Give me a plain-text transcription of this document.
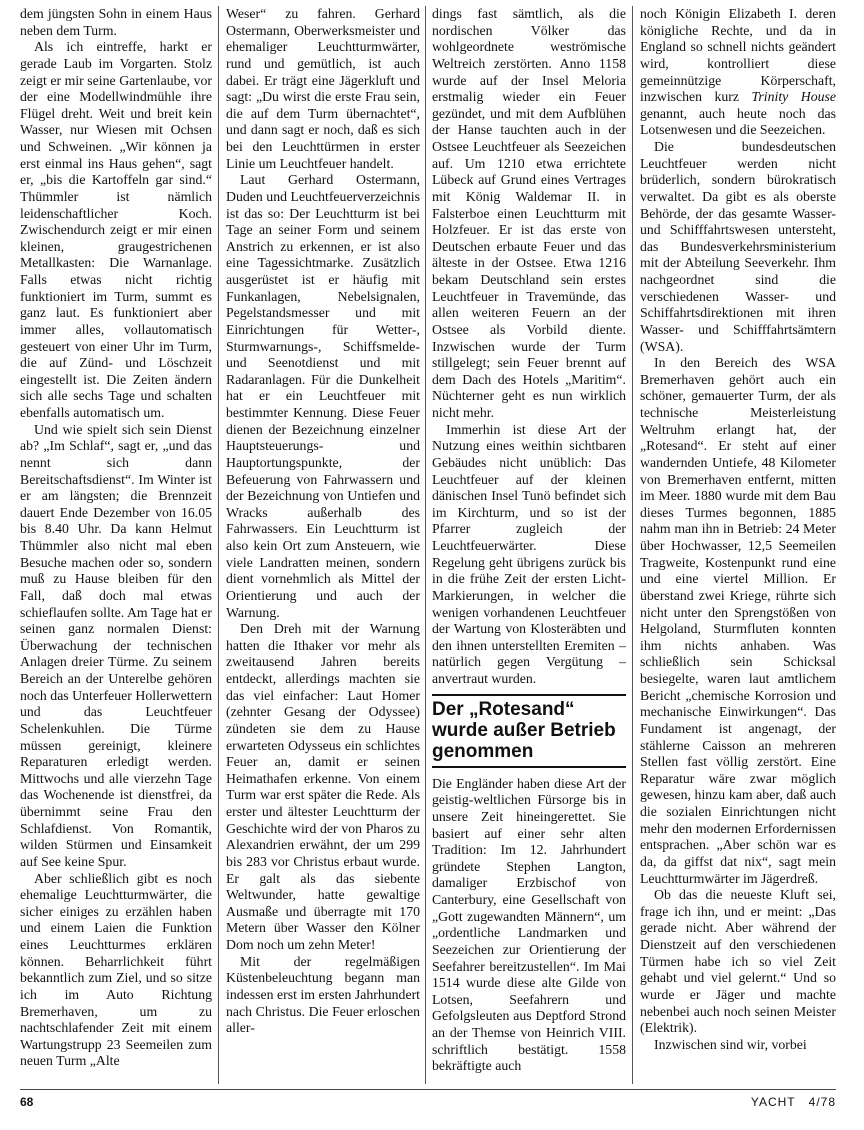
dem jüngsten Sohn in einem Haus neben dem Turm.

Als ich eintreffe, harkt er gerade Laub im Vorgarten. Stolz zeigt er mir seine Gartenlaube, vor der eine Modellwindmühle ihre Flügel dreht. Weit und breit kein Wasser, nur Wiesen mit Ochsen und Schweinen. „Wir können ja erst einmal ins Haus gehen“, sagt er, „bis die Kartoffeln gar sind.“ Thümmler ist nämlich leidenschaftlicher Koch. Zwischendurch zeigt er mir einen kleinen, graugestrichenen Metallkasten: Die Warnanlage. Falls etwas nicht richtig funktioniert im Turm, summt es ganz laut. Es funktioniert aber immer alles, vollautomatisch gesteuert von einer Uhr im Turm, die auf Zünd- und Löschzeit eingestellt ist. Die Zeiten ändern sich alle sechs Tage und schalten ebenfalls automatisch um.

Und wie spielt sich sein Dienst ab? „Im Schlaf“, sagt er, „und das nennt sich dann Bereitschaftsdienst“. Im Winter ist er am längsten; die Brennzeit dauert Ende Dezember von 16.05 bis 8.40 Uhr. Da kann Helmut Thümmler also nicht mal eben Besuche machen oder so, sondern muß zu Hause bleiben für den Fall, daß doch mal etwas schieflaufen sollte. Am Tage hat er seinen ganz normalen Dienst: Überwachung der technischen Anlagen dreier Türme. Zu seinem Bereich an der Unterelbe gehören noch das Unterfeuer Hollerwettern und das Leuchtfeuer Schelenkuhlen. Die Türme müssen gereinigt, kleinere Reparaturen erledigt werden. Mittwochs und alle vierzehn Tage das Wochenende ist dienstfrei, da übernimmt seine Frau den Schlafdienst. Von Romantik, wilden Stürmen und Einsamkeit auf See keine Spur.

Aber schließlich gibt es noch ehemalige Leuchtturmwärter, die sicher einiges zu erzählen haben und einem Laien die Funktion eines Leuchtturmes erklären können. Beharrlichkeit führt bekanntlich zum Ziel, und so sitze ich im Auto Richtung Bremerhaven, um zu nachtschlafender Zeit mit einem Wartungstrupp 23 Seemeilen zum neuen Turm „Alte

Weser“ zu fahren. Gerhard Ostermann, Oberwerksmeister und ehemaliger Leuchtturmwärter, rund und gemütlich, ist auch dabei. Er trägt eine Jägerkluft und sagt: „Du wirst die erste Frau sein, die auf dem Turm übernachtet“, und dann sagt er noch, daß es sich bei den Leuchttürmen in erster Linie um Leuchtfeuer handelt.

Laut Gerhard Ostermann, Duden und Leuchtfeuerverzeichnis ist das so: Der Leuchtturm ist bei Tage an seiner Form und seinem Anstrich zu erkennen, er ist also eine Tagessichtmarke. Zusätzlich ausgerüstet ist er häufig mit Funkanlagen, Nebelsignalen, Pegelstandsmesser und mit Einrichtungen für Wetter-, Sturmwarnungs-, Schiffsmelde- und Seenotdienst und mit Radaranlagen. Für die Dunkelheit hat er ein Leuchtfeuer mit bestimmter Kennung. Diese Feuer dienen der Bezeichnung einzelner Hauptsteuerungs- und Hauptortungspunkte, der Befeuerung von Fahrwassern und der Bezeichnung von Untiefen und Wracks außerhalb des Fahrwassers. Ein Leuchtturm ist also kein Ort zum Ansteuern, wie viele Landratten meinen, sondern dient vornehmlich als Mittel der Orientierung und auch der Warnung.

Den Dreh mit der Warnung hatten die Ithaker vor mehr als zweitausend Jahren bereits entdeckt, allerdings machten sie das viel einfacher: Laut Homer (zehnter Gesang der Odyssee) zündeten sie dem zu Hause erwarteten Odysseus ein schlichtes Feuer an, damit er seinen Heimathafen erkenne. Von einem Turm war erst später die Rede. Als erster und ältester Leuchtturm der Geschichte wird der von Pharos zu Alexandrien erwähnt, der um 299 bis 283 vor Christus erbaut wurde. Er galt als das siebente Weltwunder, hatte gewaltige Ausmaße und überragte mit 170 Metern über Wasser den Kölner Dom noch um zehn Meter!

Mit der regelmäßigen Küstenbeleuchtung begann man indessen erst im ersten Jahrhundert nach Christus. Die Feuer erloschen aller-

dings fast sämtlich, als die nordischen Völker das wohlgeordnete weströmische Weltreich zerstörten. Anno 1158 wurde auf der Insel Meloria erstmalig wieder ein Feuer gezündet, und mit dem Aufblühen der Hanse tauchten auch in der Ostsee Leuchtfeuer als Seezeichen auf. Um 1210 etwa errichtete Lübeck auf Grund eines Vertrages mit König Waldemar II. in Falsterboe einen Leuchtturm mit Holzfeuer. Er ist das erste von Deutschen erbaute Feuer und das älteste in der Ostsee. Etwa 1216 bekam Deutschland sein erstes Leuchtfeuer in Travemünde, das allen weiteren Feuern an der Ostsee als Vorbild diente. Inzwischen wurde der Turm stillgelegt; sein Feuer brennt auf dem Dach des Hotels „Maritim“. Nüchterner geht es nun wirklich nicht mehr.

Immerhin ist diese Art der Nutzung eines weithin sichtbaren Gebäudes nicht unüblich: Das Leuchtfeuer auf der kleinen dänischen Insel Tunö befindet sich im Kirchturm, und so ist der Pfarrer zugleich der Leuchtfeuerwärter. Diese Regelung geht übrigens zurück bis in die frühe Zeit der ersten Licht-Markierungen, in welcher die wenigen vorhandenen Leuchtfeuer der Wartung von Klosteräbten und den ihnen unterstellten Eremiten – natürlich gegen Vergütung – anvertraut wurden.

Der „Rotesand“ wurde außer Betrieb genommen

Die Engländer haben diese Art der geistig-weltlichen Fürsorge bis in unsere Zeit hineingerettet. Sie basiert auf einer sehr alten Tradition: Im 12. Jahrhundert gründete Stephen Langton, damaliger Erzbischof von Canterbury, eine Gesellschaft von „Gott zugewandten Männern“, um „ordentliche Landmarken und Seezeichen zur Orientierung der Seefahrer bereitzustellen“. Im Mai 1514 wurde diese alte Gilde von Lotsen, Seefahrern und Gefolgsleuten aus Deptford Strond an der Themse von Heinrich VIII. schriftlich bestätigt. 1558 bekräftigte auch

noch Königin Elizabeth I. deren königliche Rechte, und da in England so schnell nichts geändert wird, kontrolliert diese gemeinnützige Körperschaft, inzwischen kurz Trinity House genannt, auch heute noch das Lotsenwesen und die Seezeichen.

Die bundesdeutschen Leuchtfeuer werden nicht brüderlich, sondern bürokratisch verwaltet. Da gibt es als oberste Behörde, der das gesamte Wasser- und Schifffahrtswesen untersteht, das Bundesverkehrsministerium mit der Abteilung Seeverkehr. Ihm nachgeordnet sind die verschiedenen Wasser- und Schiffahrtsdirektionen mit ihren Wasser- und Schifffahrtsämtern (WSA).

In den Bereich des WSA Bremerhaven gehört auch ein schöner, gemauerter Turm, der als technische Meisterleistung Weltruhm erlangt hat, der „Rotesand“. Er steht auf einer wandernden Untiefe, 48 Kilometer von Bremerhaven entfernt, mitten im Meer. 1880 wurde mit dem Bau dieses Turmes begonnen, 1885 nahm man ihn in Betrieb: 24 Meter über Hochwasser, 12,5 Seemeilen Tragweite, Kostenpunkt rund eine und eine viertel Million. Er überstand zwei Kriege, rührte sich nicht unter den Sprengstößen von Helgoland, Sturmfluten konnten ihm nichts anhaben. Was schließlich sein Schicksal besiegelte, waren laut amtlichem Bericht „chemische Korrosion und mechanische Einwirkungen“. Das Fundament ist angenagt, der stählerne Caisson an mehreren Stellen fast völlig zerstört. Eine Reparatur wäre zwar möglich gewesen, hinzu kam aber, daß auch die sozialen Einrichtungen nicht mehr den modernen Erfordernissen entsprachen. „Aber schön war es da, da giffst dat nix“, sagt mein Leuchtturmwärter im Jägerdreß.

Ob das die neueste Kluft sei, frage ich ihn, und er meint: „Das gerade nicht. Aber während der Dienstzeit auf den verschiedenen Türmen habe ich so viel Zeit gehabt und viel gelernt.“ Und so wurde er Jäger und machte nebenbei auch noch seinen Meister (Elektrik).

Inzwischen sind wir, vorbei

68	YACHT 4/78
